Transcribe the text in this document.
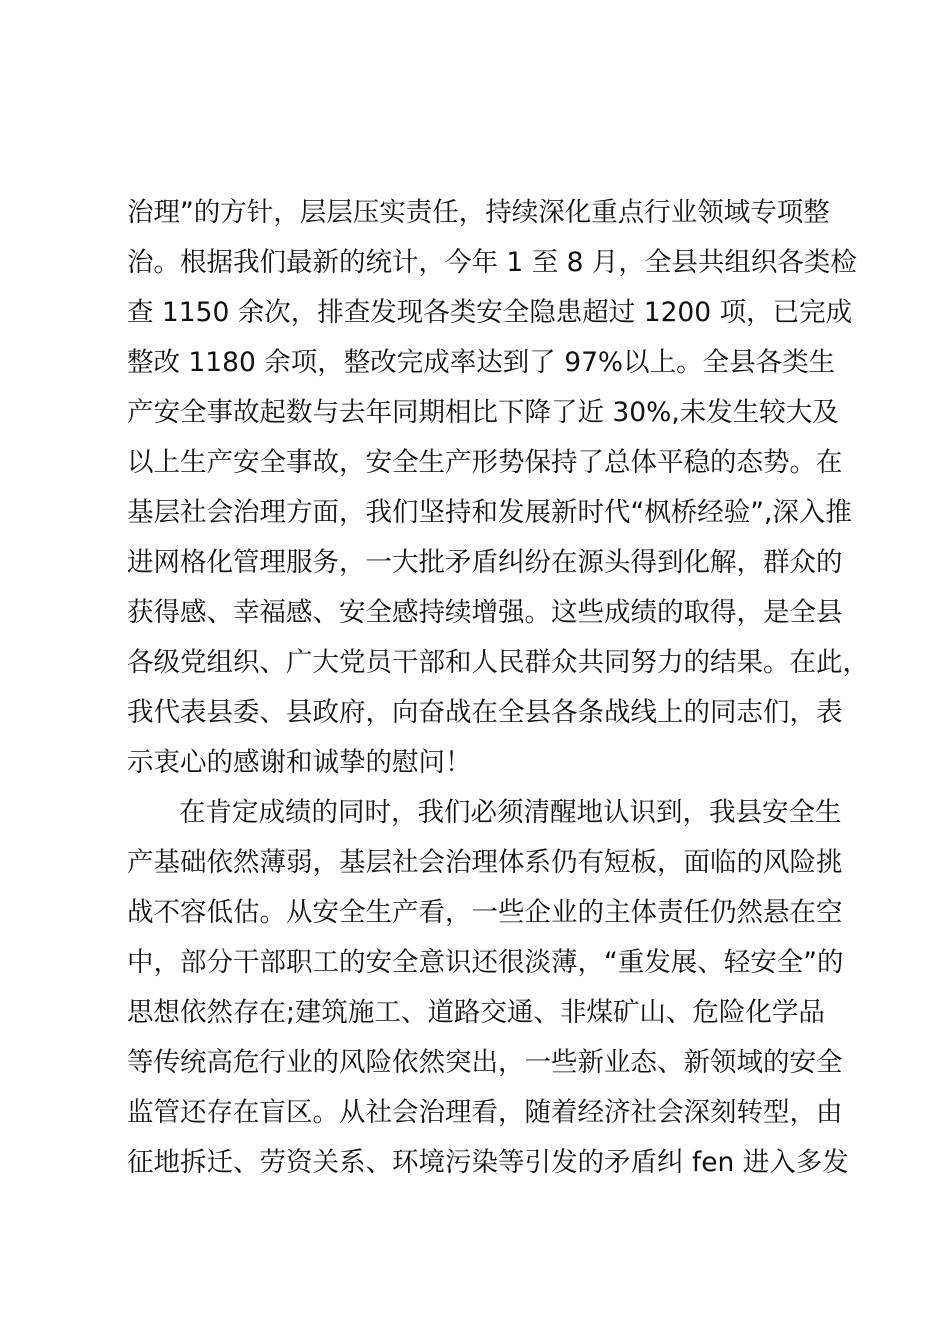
治理”的方针，层层压实责任，持续深化重点行业领域专项整
治。根据我们最新的统计，今年 1 至 8 月，全县共组织各类检
查 1150 余次，排查发现各类安全隐患超过 1200 项，已完成
整改 1180 余项，整改完成率达到了 97%以上。全县各类生
产安全事故起数与去年同期相比下降了近 30%,未发生较大及
以上生产安全事故，安全生产形势保持了总体平稳的态势。在
基层社会治理方面，我们坚持和发展新时代“枫桥经验”,深入推
进网格化管理服务，一大批矛盾纠纷在源头得到化解，群众的
获得感、幸福感、安全感持续增强。这些成绩的取得，是全县
各级党组织、广大党员干部和人民群众共同努力的结果。在此，
我代表县委、县政府，向奋战在全县各条战线上的同志们，表
示衷心的感谢和诚挚的慰问！
在肯定成绩的同时，我们必须清醒地认识到，我县安全生
产基础依然薄弱，基层社会治理体系仍有短板，面临的风险挑
战不容低估。从安全生产看，一些企业的主体责任仍然悬在空
中，部分干部职工的安全意识还很淡薄，“重发展、轻安全”的
思想依然存在;建筑施工、道路交通、非煤矿山、危险化学品
等传统高危行业的风险依然突出，一些新业态、新领域的安全
监管还存在盲区。从社会治理看，随着经济社会深刻转型，由
征地拆迁、劳资关系、环境污染等引发的矛盾纠 fen 进入多发
